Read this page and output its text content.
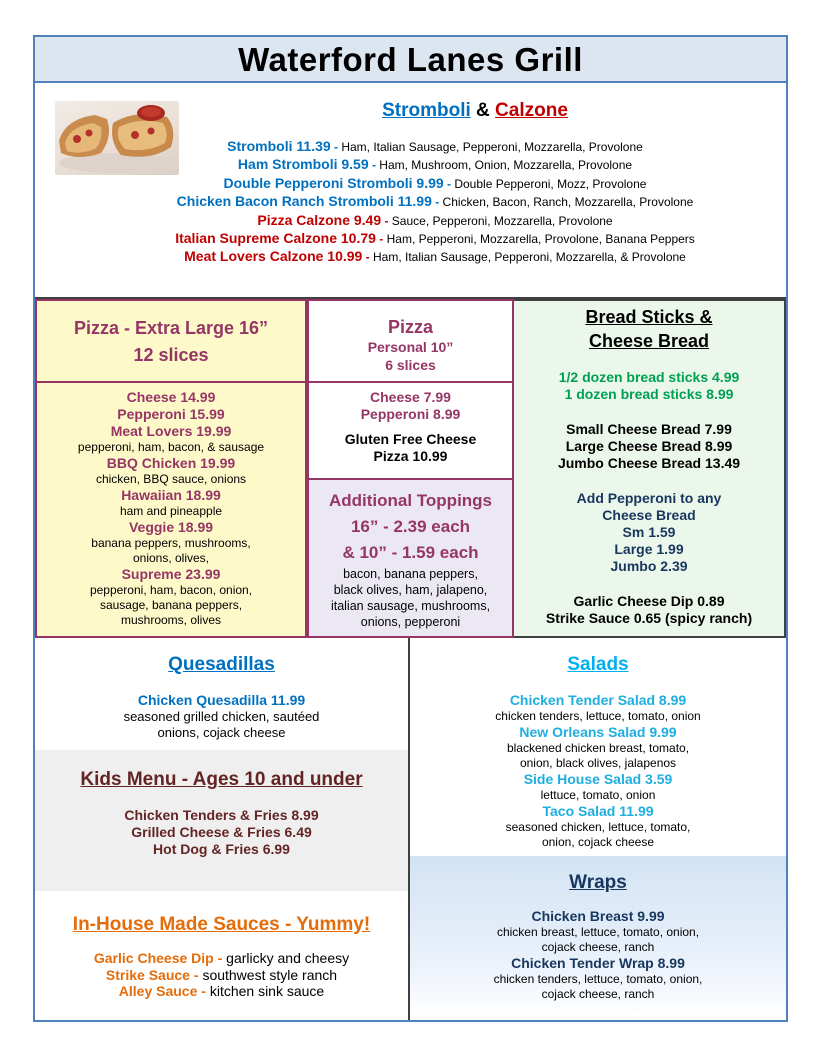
Waterford Lanes Grill
Stromboli & Calzone
Stromboli 11.39 - Ham, Italian Sausage, Pepperoni, Mozzarella, Provolone
Ham Stromboli 9.59 - Ham, Mushroom, Onion, Mozzarella, Provolone
Double Pepperoni Stromboli 9.99 - Double Pepperoni, Mozz, Provolone
Chicken Bacon Ranch Stromboli 11.99 - Chicken, Bacon, Ranch, Mozzarella, Provolone
Pizza Calzone 9.49 - Sauce, Pepperoni, Mozzarella, Provolone
Italian Supreme Calzone 10.79 - Ham, Pepperoni, Mozzarella, Provolone, Banana Peppers
Meat Lovers Calzone 10.99 - Ham, Italian Sausage, Pepperoni, Mozzarella, & Provolone
Pizza - Extra Large 16”
12 slices
Cheese 14.99
Pepperoni 15.99
Meat Lovers 19.99
pepperoni, ham, bacon, & sausage
BBQ Chicken 19.99
chicken, BBQ sauce, onions
Hawaiian 18.99
ham and pineapple
Veggie 18.99
banana peppers, mushrooms,
onions, olives,
Supreme 23.99
pepperoni, ham, bacon, onion,
sausage, banana peppers,
mushrooms, olives
Pizza
Personal 10”
6 slices
Cheese 7.99
Pepperoni 8.99
Gluten Free Cheese
Pizza 10.99
Additional Toppings
16” - 2.39 each
& 10” - 1.59 each
bacon, banana peppers,
black olives, ham, jalapeno,
italian sausage, mushrooms,
onions, pepperoni
Bread Sticks &
Cheese Bread
1/2 dozen bread sticks 4.99
1 dozen bread sticks 8.99
Small Cheese Bread 7.99
Large Cheese Bread 8.99
Jumbo Cheese Bread 13.49
Add Pepperoni to any
Cheese Bread
Sm 1.59
Large 1.99
Jumbo 2.39
Garlic Cheese Dip 0.89
Strike Sauce 0.65 (spicy ranch)
Quesadillas
Chicken Quesadilla 11.99
seasoned grilled chicken, sautéed
onions, cojack cheese
Kids Menu - Ages 10 and under
Chicken Tenders & Fries 8.99
Grilled Cheese & Fries 6.49
Hot Dog & Fries 6.99
In-House Made Sauces - Yummy!
Garlic Cheese Dip - garlicky and cheesy
Strike Sauce - southwest style ranch
Alley Sauce - kitchen sink sauce
Salads
Chicken Tender Salad 8.99
chicken tenders, lettuce, tomato, onion
New Orleans Salad 9.99
blackened chicken breast, tomato,
onion, black olives, jalapenos
Side House Salad 3.59
lettuce, tomato, onion
Taco Salad 11.99
seasoned chicken, lettuce, tomato,
onion, cojack cheese
Wraps
Chicken Breast 9.99
chicken breast, lettuce, tomato, onion,
cojack cheese, ranch
Chicken Tender Wrap 8.99
chicken tenders, lettuce, tomato, onion,
cojack cheese, ranch
